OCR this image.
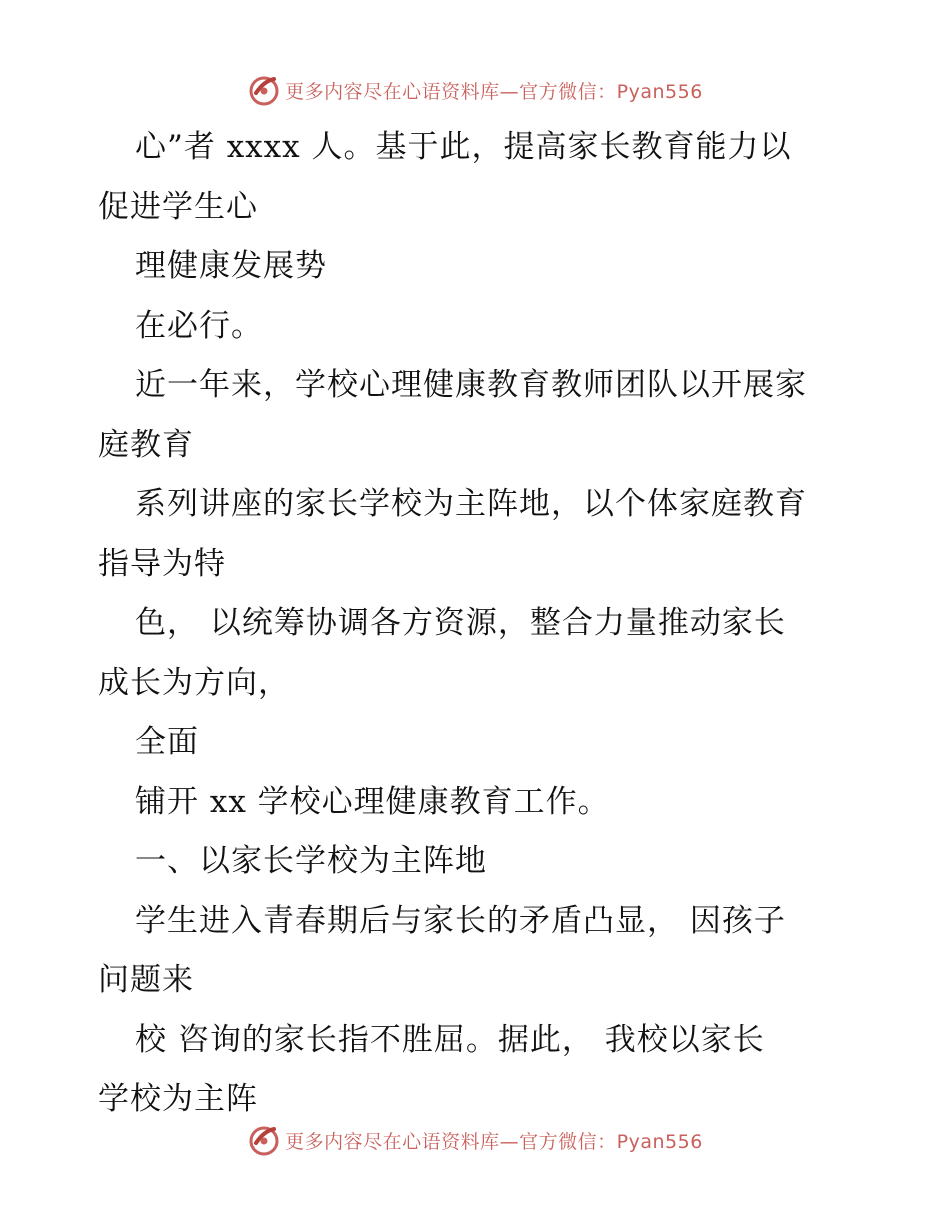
更多内容尽在心语资料库—官方微信：Pyan556
心”者 xxxx 人。基于此，提高家长教育能力以
促进学生心
理健康发展势
在必行。
近一年来，学校心理健康教育教师团队以开展家
庭教育
系列讲座的家长学校为主阵地，以个体家庭教育
指导为特
色， 以统筹协调各方资源，整合力量推动家长
成长为方向，
全面
铺开 xx 学校心理健康教育工作。
一、以家长学校为主阵地
学生进入青春期后与家长的矛盾凸显， 因孩子
问题来
校 咨询的家长指不胜屈。据此， 我校以家长
学校为主阵
更多内容尽在心语资料库—官方微信：Pyan556
